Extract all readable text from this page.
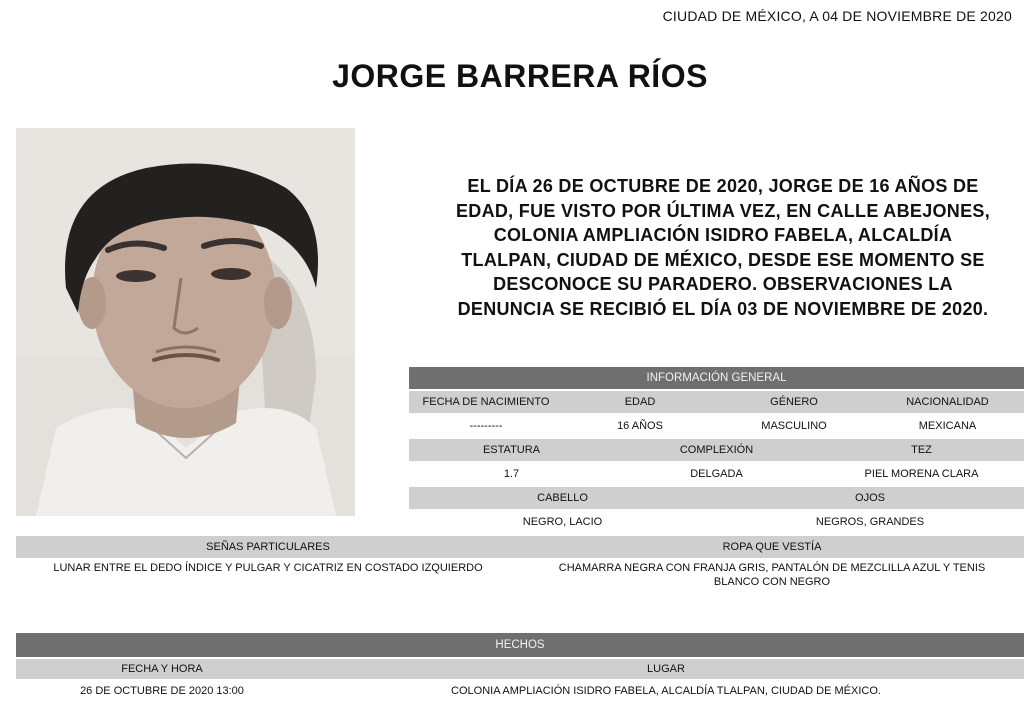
CIUDAD DE MÉXICO, A 04 DE NOVIEMBRE DE 2020
JORGE BARRERA RÍOS
EL DÍA 26 DE OCTUBRE DE 2020, JORGE DE 16 AÑOS DE
EDAD, FUE VISTO POR ÚLTIMA VEZ, EN CALLE ABEJONES,
COLONIA AMPLIACIÓN ISIDRO FABELA, ALCALDÍA
TLALPAN, CIUDAD DE MÉXICO, DESDE ESE MOMENTO SE
DESCONOCE SU PARADERO. OBSERVACIONES LA
DENUNCIA SE RECIBIÓ EL DÍA 03 DE NOVIEMBRE DE 2020.
INFORMACIÓN GENERAL
FECHA DE NACIMIENTO	EDAD	GÉNERO	NACIONALIDAD
---------	16 AÑOS	MASCULINO	MEXICANA
ESTATURA	COMPLEXIÓN	TEZ
1.7	DELGADA	PIEL MORENA CLARA
CABELLO	OJOS
NEGRO, LACIO	NEGROS, GRANDES
SEÑAS PARTICULARES	ROPA QUE VESTÍA
LUNAR ENTRE EL DEDO ÍNDICE Y PULGAR Y CICATRIZ EN COSTADO IZQUIERDO	CHAMARRA NEGRA CON FRANJA GRIS, PANTALÓN DE MEZCLILLA AZUL Y TENIS
BLANCO CON NEGRO
HECHOS
FECHA Y HORA	LUGAR
26 DE OCTUBRE DE 2020 13:00	COLONIA AMPLIACIÓN ISIDRO FABELA, ALCALDÍA TLALPAN, CIUDAD DE MÉXICO.
